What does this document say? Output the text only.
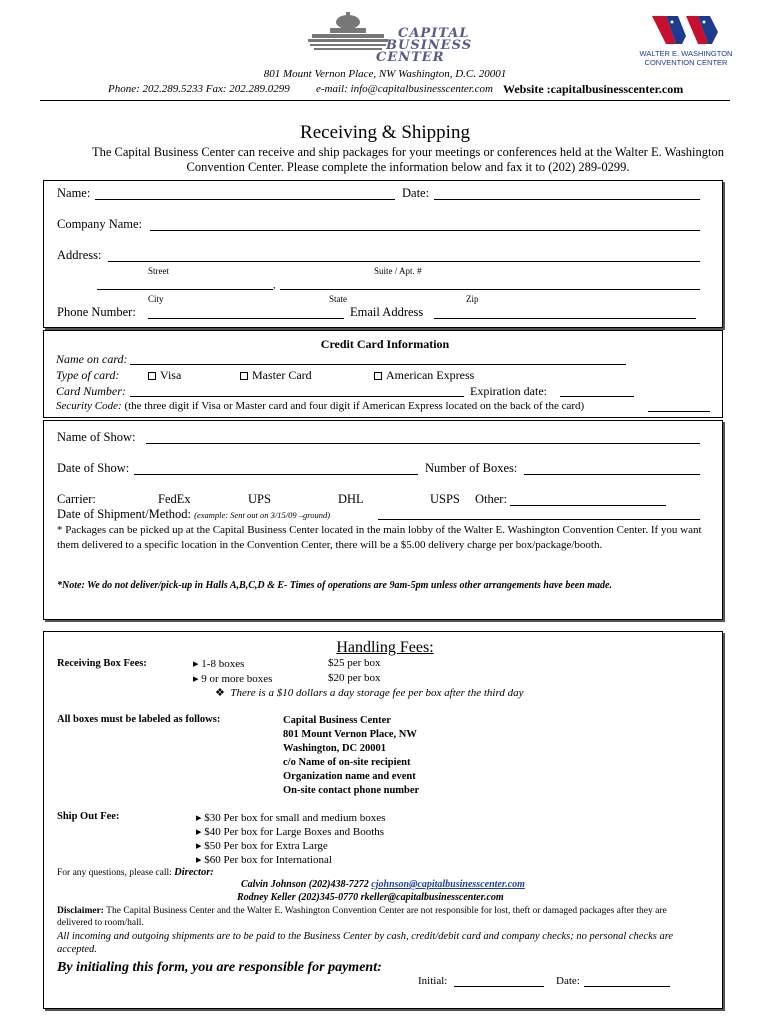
CAPITAL
BUSINESS
CENTER	WALTER E. WASHINGTON
CONVENTION CENTER
801 Mount Vernon Place, NW Washington, D.C. 20001
Phone: 202.289.5233 Fax: 202.289.0299 e-mail: info@capitalbusinesscenter.com Website :capitalbusinesscenter.com
Receiving & Shipping
The Capital Business Center can receive and ship packages for your meetings or conferences held at the Walter E. Washington Convention Center. Please complete the information below and fax it to (202) 289-0299.
Name:	Date:
Company Name:
Address:
Street	Suite / Apt. #
,
City	State	Zip
Phone Number:	Email Address
Credit Card Information
Name on card:
Type of card:	Visa	Master Card	American Express
Card Number:	Expiration date:
Security Code: (the three digit if Visa or Master card and four digit if American Express located on the back of the card)
Name of Show:
Date of Show:	Number of Boxes:
Carrier:	FedEx	UPS	DHL	USPS Other:
Date of Shipment/Method: (example: Sent out on 3/15/09 –ground)
* Packages can be picked up at the Capital Business Center located in the main lobby of the Walter E. Washington Convention Center. If you want them delivered to a specific location in the Convention Center, there will be a $5.00 delivery charge per box/package/booth.
*Note: We do not deliver/pick-up in Halls A,B,C,D & E- Times of operations are 9am-5pm unless other arrangements have been made.
Handling Fees:
Receiving Box Fees:	▸ 1-8 boxes	$25 per box
▸ 9 or more boxes	$20 per box
❖ There is a $10 dollars a day storage fee per box after the third day
All boxes must be labeled as follows:	Capital Business Center
801 Mount Vernon Place, NW
Washington, DC 20001
c/o Name of on-site recipient
Organization name and event
On-site contact phone number
Ship Out Fee:	▸ $30 Per box for small and medium boxes
▸ $40 Per box for Large Boxes and Booths
▸ $50 Per box for Extra Large
▸ $60 Per box for International
For any questions, please call: Director:
Calvin Johnson (202)438-7272 cjohnson@capitalbusinesscenter.com
Rodney Keller (202)345-0770 rkeller@capitalbusinesscenter.com
Disclaimer: The Capital Business Center and the Walter E. Washington Convention Center are not responsible for lost, theft or damaged packages after they are delivered to room/hall.
All incoming and outgoing shipments are to be paid to the Business Center by cash, credit/debit card and company checks; no personal checks are accepted.
By initialing this form, you are responsible for payment:
Initial:	Date:
